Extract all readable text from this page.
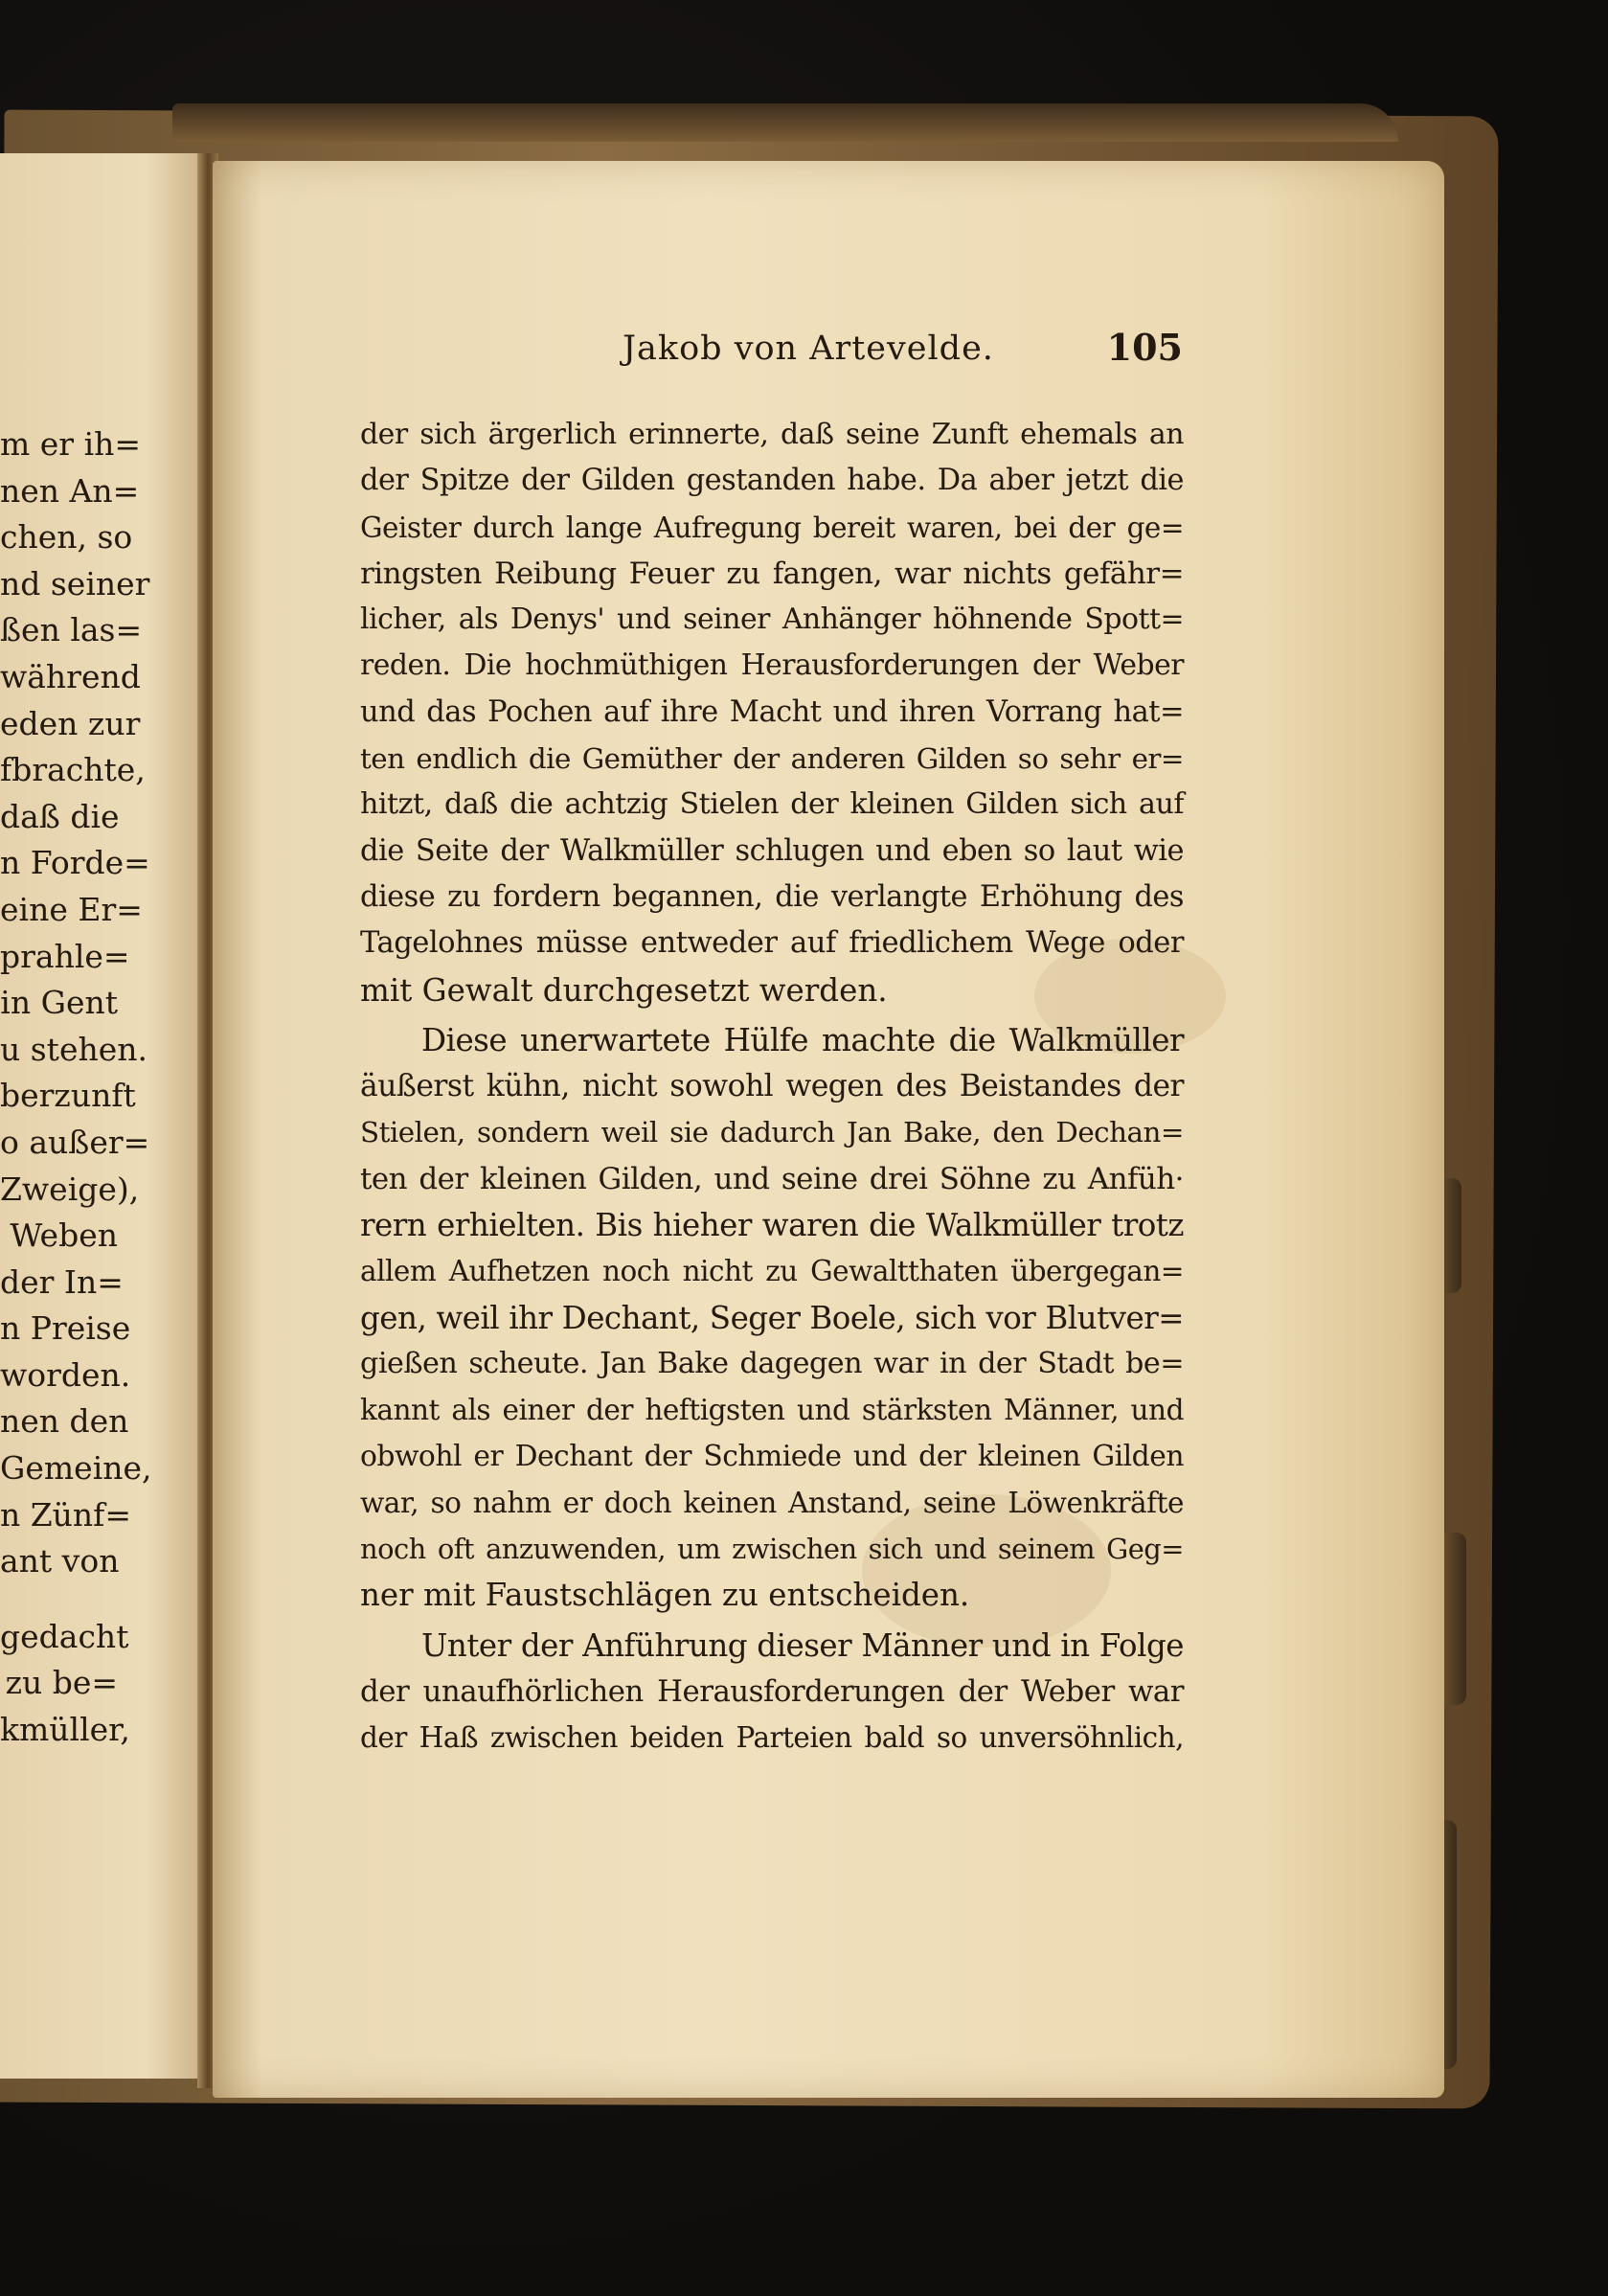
m er ih=
nen An=
chen, so
nd seiner
ßen las=
während
eden zur
fbrachte,
daß die
n Forde=
eine Er=
prahle=
in Gent
u stehen.
berzunft
o außer=
Zweige),
Weben
der In=
n Preise
worden.
nen den
Gemeine,
n Zünf=
ant von
gedacht
zu be=
kmüller,
Jakob von Artevelde.	105
der sich ärgerlich erinnerte, daß seine Zunft ehemals an
der Spitze der Gilden gestanden habe. Da aber jetzt die
Geister durch lange Aufregung bereit waren, bei der ge=
ringsten Reibung Feuer zu fangen, war nichts gefähr=
licher, als Denys' und seiner Anhänger höhnende Spott=
reden. Die hochmüthigen Herausforderungen der Weber
und das Pochen auf ihre Macht und ihren Vorrang hat=
ten endlich die Gemüther der anderen Gilden so sehr er=
hitzt, daß die achtzig Stielen der kleinen Gilden sich auf
die Seite der Walkmüller schlugen und eben so laut wie
diese zu fordern begannen, die verlangte Erhöhung des
Tagelohnes müsse entweder auf friedlichem Wege oder
mit Gewalt durchgesetzt werden.
Diese unerwartete Hülfe machte die Walkmüller
äußerst kühn, nicht sowohl wegen des Beistandes der
Stielen, sondern weil sie dadurch Jan Bake, den Dechan=
ten der kleinen Gilden, und seine drei Söhne zu Anfüh·
rern erhielten. Bis hieher waren die Walkmüller trotz
allem Aufhetzen noch nicht zu Gewaltthaten übergegan=
gen, weil ihr Dechant, Seger Boele, sich vor Blutver=
gießen scheute. Jan Bake dagegen war in der Stadt be=
kannt als einer der heftigsten und stärksten Männer, und
obwohl er Dechant der Schmiede und der kleinen Gilden
war, so nahm er doch keinen Anstand, seine Löwenkräfte
noch oft anzuwenden, um zwischen sich und seinem Geg=
ner mit Faustschlägen zu entscheiden.
Unter der Anführung dieser Männer und in Folge
der unaufhörlichen Herausforderungen der Weber war
der Haß zwischen beiden Parteien bald so unversöhnlich,
